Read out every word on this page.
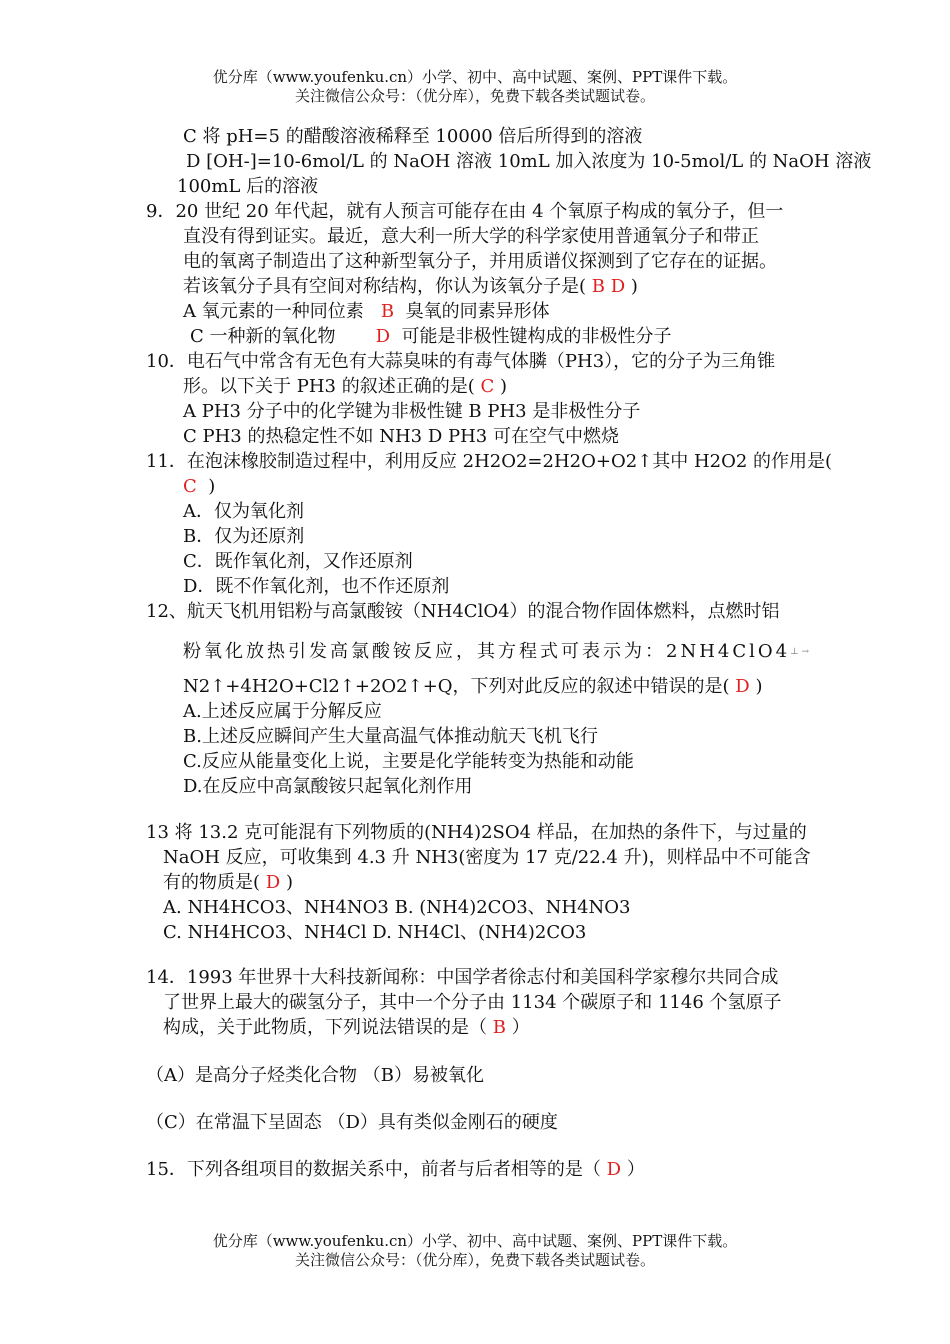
优分库（www.youfenku.cn）小学、初中、高中试题、案例、PPT课件下载。
关注微信公众号：（优分库），免费下载各类试题试卷。
C 将 pH=5 的醋酸溶液稀释至 10000 倍后所得到的溶液
D [OH-]=10-6mol/L 的 NaOH 溶液 10mL 加入浓度为 10-5mol/L 的 NaOH 溶液
100mL 后的溶液
9．20 世纪 20 年代起，就有人预言可能存在由 4 个氧原子构成的氧分子，但一
直没有得到证实。最近，意大利一所大学的科学家使用普通氧分子和带正
电的氧离子制造出了这种新型氧分子，并用质谱仪探测到了它存在的证据。
若该氧分子具有空间对称结构，你认为该氧分子是( B D )
A 氧元素的一种同位素 B 臭氧的同素异形体
C 一种新的氧化物 D 可能是非极性键构成的非极性分子
10．电石气中常含有无色有大蒜臭味的有毒气体膦（PH3），它的分子为三角锥
形。以下关于 PH3 的叙述正确的是( C )
A PH3 分子中的化学键为非极性键 B PH3 是非极性分子
C PH3 的热稳定性不如 NH3 D PH3 可在空气中燃烧
11．在泡沫橡胶制造过程中，利用反应 2H2O2=2H2O+O2↑其中 H2O2 的作用是(
C )
A．仅为氧化剂
B．仅为还原剂
C．既作氧化剂，又作还原剂
D．既不作氧化剂，也不作还原剂
12、航天飞机用铝粉与高氯酸铵（NH4ClO4）的混合物作固体燃料，点燃时铝
粉氧化放热引发高氯酸铵反应，其方程式可表示为：2NH4ClO4⊥→
N2↑+4H2O+Cl2↑+2O2↑+Q，下列对此反应的叙述中错误的是( D )
A.上述反应属于分解反应
B.上述反应瞬间产生大量高温气体推动航天飞机飞行
C.反应从能量变化上说，主要是化学能转变为热能和动能
D.在反应中高氯酸铵只起氧化剂作用
13 将 13.2 克可能混有下列物质的(NH4)2SO4 样品，在加热的条件下，与过量的
NaOH 反应，可收集到 4.3 升 NH3(密度为 17 克/22.4 升)，则样品中不可能含
有的物质是( D )
A. NH4HCO3、NH4NO3 B. (NH4)2CO3、NH4NO3
C. NH4HCO3、NH4Cl D. NH4Cl、(NH4)2CO3
14．1993 年世界十大科技新闻称：中国学者徐志付和美国科学家穆尔共同合成
了世界上最大的碳氢分子，其中一个分子由 1134 个碳原子和 1146 个氢原子
构成，关于此物质，下列说法错误的是（ B ）
（A）是高分子烃类化合物 （B）易被氧化
（C）在常温下呈固态 （D）具有类似金刚石的硬度
15．下列各组项目的数据关系中，前者与后者相等的是（ D ）
优分库（www.youfenku.cn）小学、初中、高中试题、案例、PPT课件下载。
关注微信公众号：（优分库），免费下载各类试题试卷。
